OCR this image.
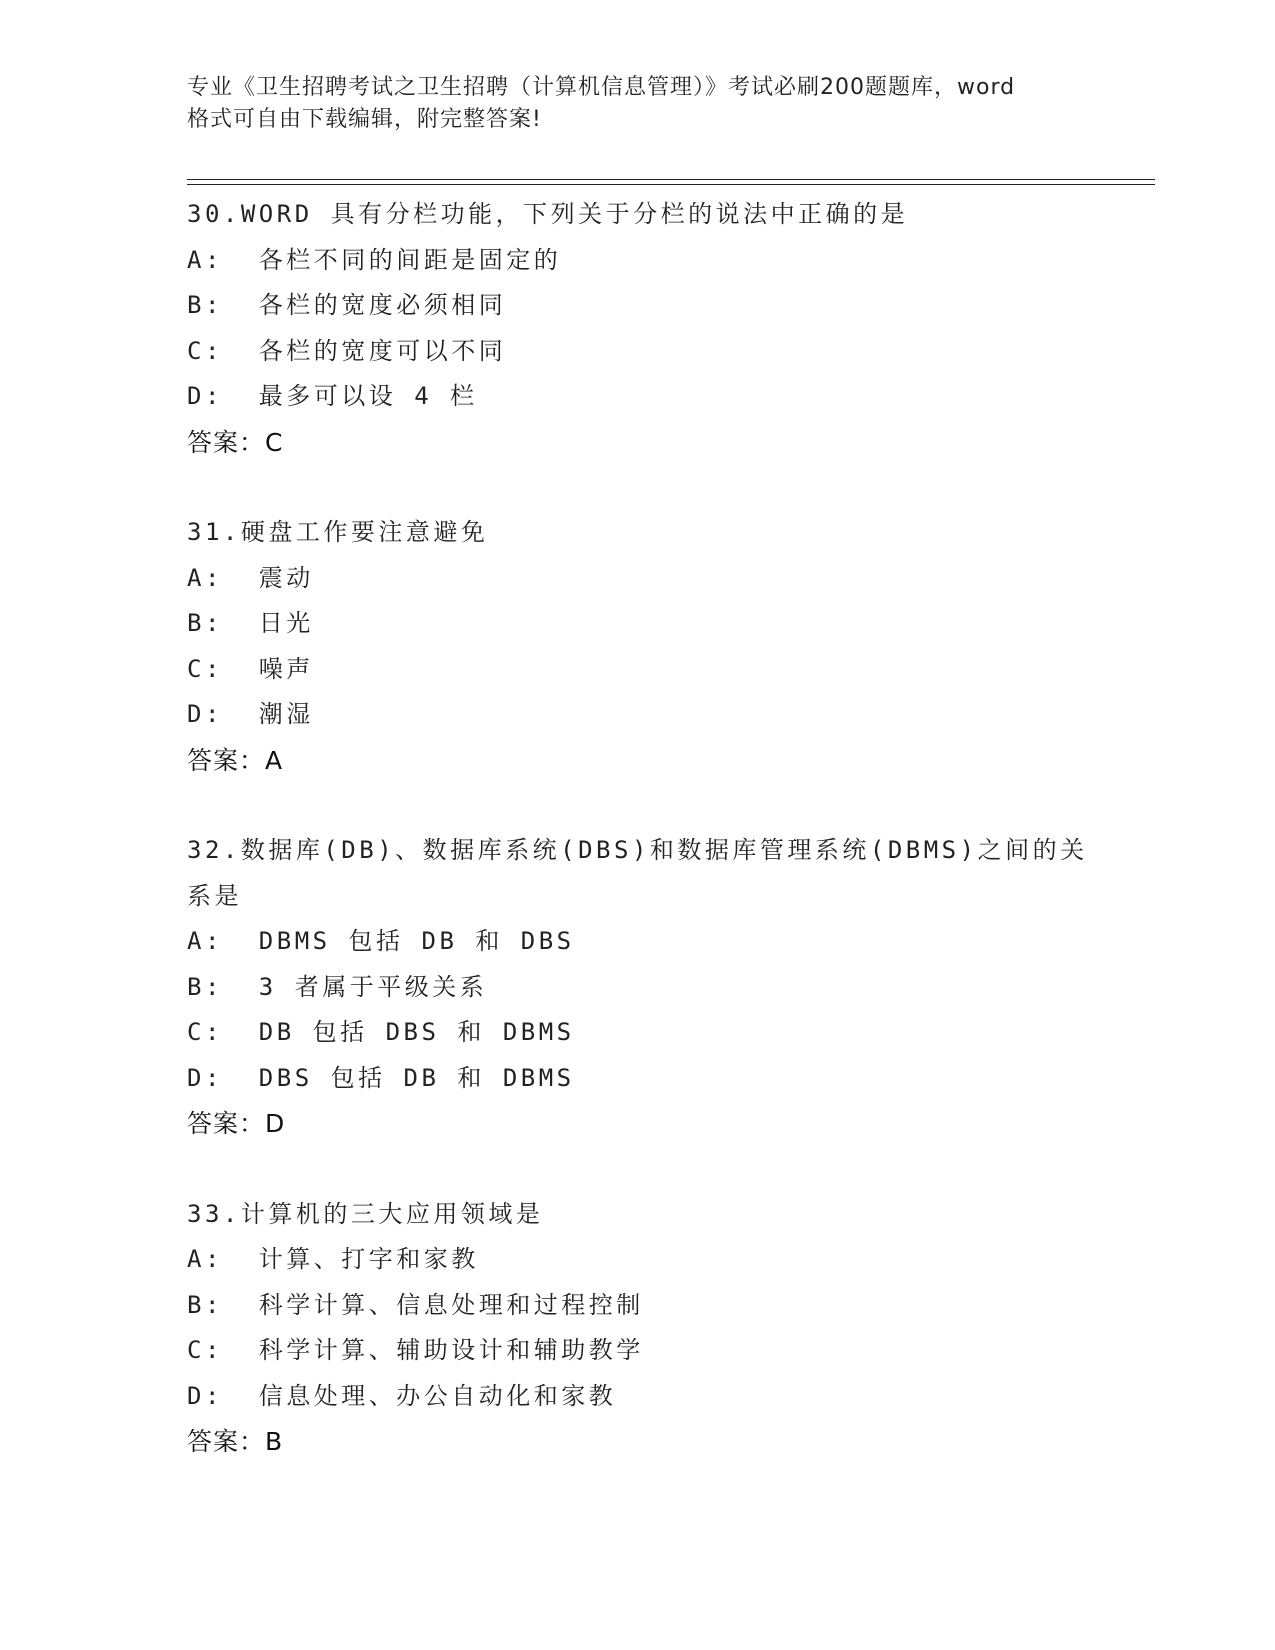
专业《卫生招聘考试之卫生招聘（计算机信息管理）》考试必刷200题题库，word

格式可自由下载编辑，附完整答案!

30.WORD 具有分栏功能，下列关于分栏的说法中正确的是
A:  各栏不同的间距是固定的
B:  各栏的宽度必须相同
C:  各栏的宽度可以不同
D:  最多可以设 4 栏
答案：C
31.硬盘工作要注意避免
A:  震动
B:  日光
C:  噪声
D:  潮湿
答案：A
32.数据库(DB)、数据库系统(DBS)和数据库管理系统(DBMS)之间的关系是
A:  DBMS 包括 DB 和 DBS
B:  3 者属于平级关系
C:  DB 包括 DBS 和 DBMS
D:  DBS 包括 DB 和 DBMS
答案：D
33.计算机的三大应用领域是
A:  计算、打字和家教
B:  科学计算、信息处理和过程控制
C:  科学计算、辅助设计和辅助教学
D:  信息处理、办公自动化和家教
答案：B
